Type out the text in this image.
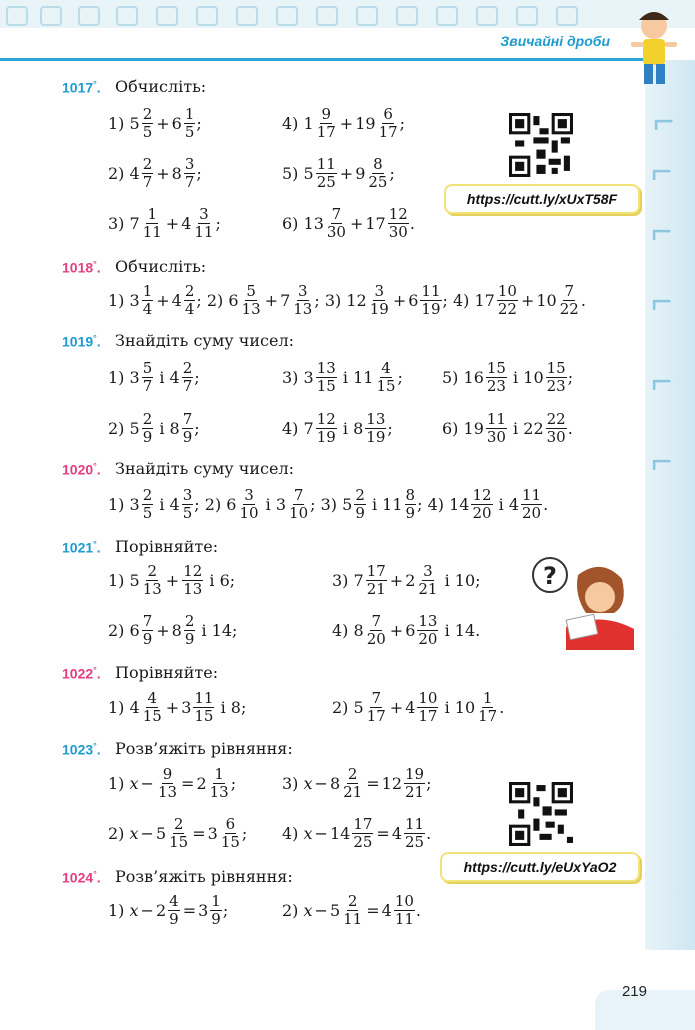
Звичайні дроби
⌐
⌐
⌐
⌐
⌐
⌐
219
?
https://cutt.ly/xUxT58F
https://cutt.ly/eUxYaO2
1017°. Обчисліть:
1018°. Обчисліть:
1019°. Знайдіть суму чисел:
1020°. Знайдіть суму чисел:
1021°. Порівняйте:
1022°. Порівняйте:
1023°. Розв’яжіть рівняння:
1024°. Розв’яжіть рівняння:
1) $5 \frac{2}{5} + 6 \frac{1}{5}$ ;	4) $1 \frac{9}{17} + 19 \frac{6}{17}$ ;
2) $4 \frac{2}{7} + 8 \frac{3}{7}$ ;	5) $5 \frac{11}{25} + 9 \frac{8}{25}$ ;
3) $7 \frac{1}{11} + 4 \frac{3}{11}$ ;	6) $13 \frac{7}{30} + 17 \frac{12}{30}$ .
1) $3 \frac{1}{4} + 4 \frac{2}{4}$ ; 2) $6 \frac{5}{13} + 7 \frac{3}{13}$ ; 3) $12 \frac{3}{19} + 6 \frac{11}{19}$ ; 4) $17 \frac{10}{22} + 10 \frac{7}{22}$ .
1) $3 \frac{5}{7}$ і $4 \frac{2}{7}$ ;	3) $3 \frac{13}{15}$ і $11 \frac{4}{15}$ ; 5) $16 \frac{15}{23}$ і $10 \frac{15}{23}$ ;
2) $5 \frac{2}{9}$ і $8 \frac{7}{9}$ ;	4) $7 \frac{12}{19}$ і $8 \frac{13}{19}$ ;	6) $19 \frac{11}{30}$ і $22 \frac{22}{30}$ .
1) $3 \frac{2}{5}$ і $4 \frac{3}{5}$ ; 2) $6 \frac{3}{10}$ і $3 \frac{7}{10}$ ; 3) $5 \frac{2}{9}$ і $11 \frac{8}{9}$ ; 4) $14 \frac{12}{20}$ і $4 \frac{11}{20}$ .
1) $5 \frac{2}{13} + \frac{12}{13}$ і 6;	3) $7 \frac{17}{21} + 2 \frac{3}{21}$ і 10;
2) $6 \frac{7}{9} + 8 \frac{2}{9}$ і 14;	4) $8 \frac{7}{20} + 6 \frac{13}{20}$ і 14.
1) $4 \frac{4}{15} + 3 \frac{11}{15}$ і 8;	2) $5 \frac{7}{17} + 4 \frac{10}{17}$ і $10 \frac{1}{17}$ .
1) $x - \frac{9}{13} = 2 \frac{1}{13}$ ;	3) $x - 8 \frac{2}{21} = 12 \frac{19}{21}$ ;
2) $x - 5 \frac{2}{15} = 3 \frac{6}{15}$ ; 4) $x - 14 \frac{17}{25} = 4 \frac{11}{25}$ .
1) $x - 2 \frac{4}{9} = 3 \frac{1}{9}$ ;	2) $x - 5 \frac{2}{11} = 4 \frac{10}{11}$ .
